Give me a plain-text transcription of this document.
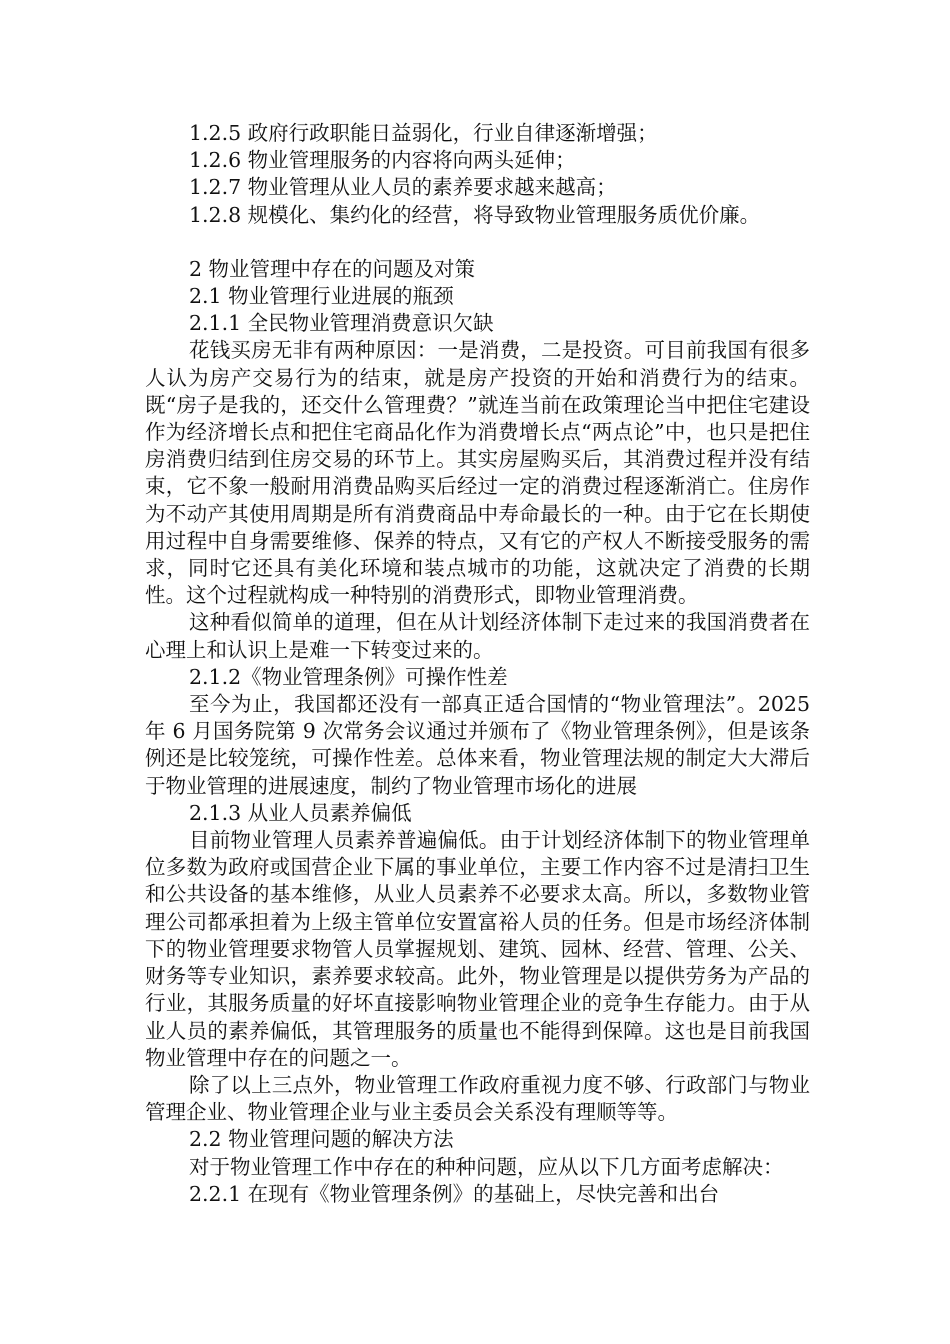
1.2.5 政府行政职能日益弱化，行业自律逐渐增强；
1.2.6 物业管理服务的内容将向两头延伸；
1.2.7 物业管理从业人员的素养要求越来越高；
1.2.8 规模化、集约化的经营，将导致物业管理服务质优价廉。
2 物业管理中存在的问题及对策
2.1 物业管理行业进展的瓶颈
2.1.1 全民物业管理消费意识欠缺
花钱买房无非有两种原因：一是消费，二是投资。可目前我国有很多人认为房产交易行为的结束，就是房产投资的开始和消费行为的结束。既“房子是我的，还交什么管理费？”就连当前在政策理论当中把住宅建设作为经济增长点和把住宅商品化作为消费增长点“两点论”中，也只是把住房消费归结到住房交易的环节上。其实房屋购买后，其消费过程并没有结束，它不象一般耐用消费品购买后经过一定的消费过程逐渐消亡。住房作为不动产其使用周期是所有消费商品中寿命最长的一种。由于它在长期使用过程中自身需要维修、保养的特点，又有它的产权人不断接受服务的需求，同时它还具有美化环境和装点城市的功能，这就决定了消费的长期性。这个过程就构成一种特别的消费形式，即物业管理消费。
这种看似简单的道理，但在从计划经济体制下走过来的我国消费者在心理上和认识上是难一下转变过来的。
2.1.2《物业管理条例》可操作性差
至今为止，我国都还没有一部真正适合国情的“物业管理法”。2025 年 6 月国务院第 9 次常务会议通过并颁布了《物业管理条例》，但是该条例还是比较笼统，可操作性差。总体来看，物业管理法规的制定大大滞后于物业管理的进展速度，制约了物业管理市场化的进展
2.1.3 从业人员素养偏低
目前物业管理人员素养普遍偏低。由于计划经济体制下的物业管理单位多数为政府或国营企业下属的事业单位，主要工作内容不过是清扫卫生和公共设备的基本维修，从业人员素养不必要求太高。所以，多数物业管理公司都承担着为上级主管单位安置富裕人员的任务。但是市场经济体制下的物业管理要求物管人员掌握规划、建筑、园林、经营、管理、公关、财务等专业知识，素养要求较高。此外，物业管理是以提供劳务为产品的行业，其服务质量的好坏直接影响物业管理企业的竞争生存能力。由于从业人员的素养偏低，其管理服务的质量也不能得到保障。这也是目前我国物业管理中存在的问题之一。
除了以上三点外，物业管理工作政府重视力度不够、行政部门与物业管理企业、物业管理企业与业主委员会关系没有理顺等等。
2.2 物业管理问题的解决方法
对于物业管理工作中存在的种种问题，应从以下几方面考虑解决：
2.2.1 在现有《物业管理条例》的基础上，尽快完善和出台
